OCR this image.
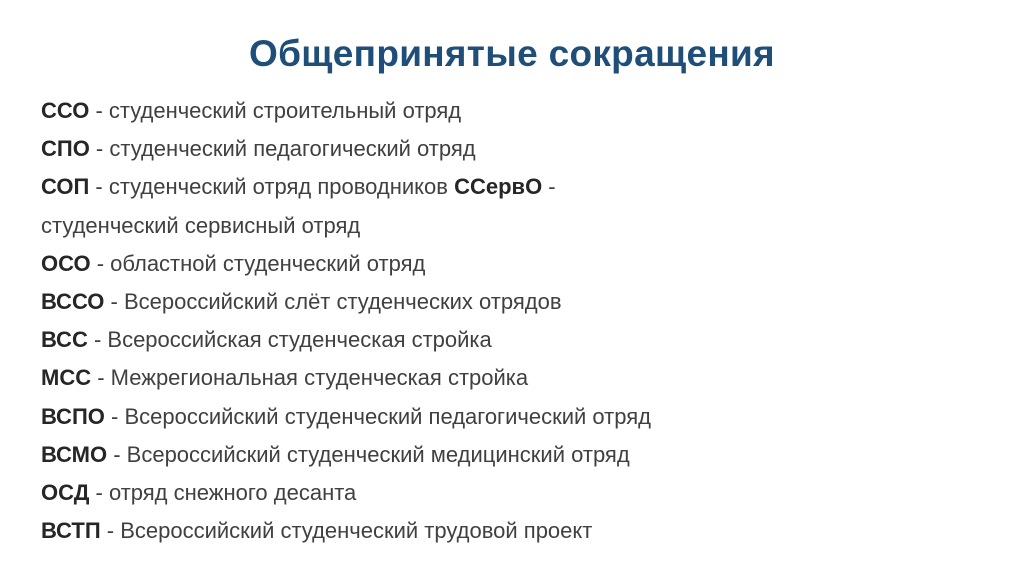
Общепринятые сокращения
ССО - студенческий строительный отряд
СПО - студенческий педагогический отряд
СОП - студенческий отряд проводников ССервО -
студенческий сервисный отряд
ОСО - областной студенческий отряд
ВССО - Всероссийский слёт студенческих отрядов
ВСС - Всероссийская студенческая стройка
МСС - Межрегиональная студенческая стройка
ВСПО - Всероссийский студенческий педагогический отряд
ВСМО - Всероссийский студенческий медицинский отряд
ОСД - отряд снежного десанта
ВСТП - Всероссийский студенческий трудовой проект
